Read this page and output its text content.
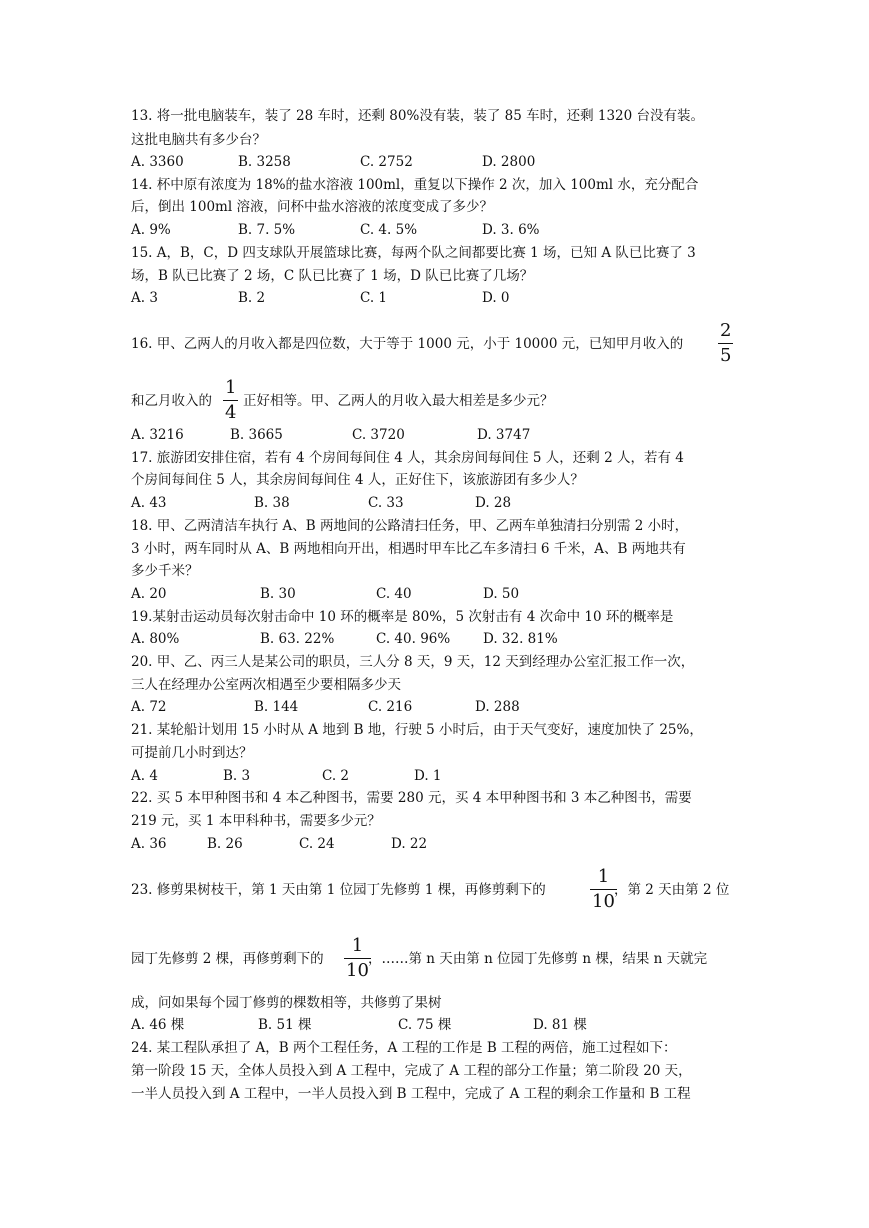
13. 将一批电脑装车，装了 28 车时，还剩 80%没有装，装了 85 车时，还剩 1320 台没有装。
这批电脑共有多少台？
A. 3360	B. 3258	C. 2752	D. 2800
14. 杯中原有浓度为 18%的盐水溶液 100ml，重复以下操作 2 次，加入 100ml 水，充分配合
后，倒出 100ml 溶液，问杯中盐水溶液的浓度变成了多少？
A. 9%	B. 7. 5%	C. 4. 5%	D. 3. 6%
15. A，B，C，D 四支球队开展篮球比赛，每两个队之间都要比赛 1 场，已知 A 队已比赛了 3
场，B 队已比赛了 2 场，C 队已比赛了 1 场，D 队已比赛了几场？
A. 3	B. 2	C. 1	D. 0
16. 甲、乙两人的月收入都是四位数，大于等于 1000 元，小于 10000 元，已知甲月收入的
2
5
和乙月收入的
1
4
正好相等。甲、乙两人的月收入最大相差是多少元？
A. 3216	B. 3665	C. 3720	D. 3747
17. 旅游团安排住宿，若有 4 个房间每间住 4 人，其余房间每间住 5 人，还剩 2 人，若有 4
个房间每间住 5 人，其余房间每间住 4 人，正好住下，该旅游团有多少人？
A. 43	B. 38	C. 33	D. 28
18. 甲、乙两清洁车执行 A、B 两地间的公路清扫任务，甲、乙两车单独清扫分别需 2 小时，
3 小时，两车同时从 A、B 两地相向开出，相遇时甲车比乙车多清扫 6 千米，A、B 两地共有
多少千米？
A. 20	B. 30	C. 40	D. 50
19.某射击运动员每次射击命中 10 环的概率是 80%，5 次射击有 4 次命中 10 环的概率是
A. 80%	B. 63. 22%	C. 40. 96% D. 32. 81%
20. 甲、乙、丙三人是某公司的职员，三人分 8 天，9 天，12 天到经理办公室汇报工作一次，
三人在经理办公室两次相遇至少要相隔多少天
A. 72	B. 144	C. 216	D. 288
21. 某轮船计划用 15 小时从 A 地到 B 地，行驶 5 小时后，由于天气变好，速度加快了 25%，
可提前几小时到达？
A. 4	B. 3	C. 2	D. 1
22. 买 5 本甲种图书和 4 本乙种图书，需要 280 元，买 4 本甲种图书和 3 本乙种图书，需要
219 元，买 1 本甲科种书，需要多少元？
A. 36	B. 26	C. 24	D. 22
23. 修剪果树枝干，第 1 天由第 1 位园丁先修剪 1 棵，再修剪剩下的
1
10
，第 2 天由第 2 位
园丁先修剪 2 棵，再修剪剩下的
1
10
，……第 n 天由第 n 位园丁先修剪 n 棵，结果 n 天就完
成，问如果每个园丁修剪的棵数相等，共修剪了果树
A. 46 棵	B. 51 棵	C. 75 棵	D. 81 棵
24. 某工程队承担了 A，B 两个工程任务，A 工程的工作是 B 工程的两倍，施工过程如下：
第一阶段 15 天，全体人员投入到 A 工程中，完成了 A 工程的部分工作量；第二阶段 20 天，
一半人员投入到 A 工程中，一半人员投入到 B 工程中，完成了 A 工程的剩余工作量和 B 工程
